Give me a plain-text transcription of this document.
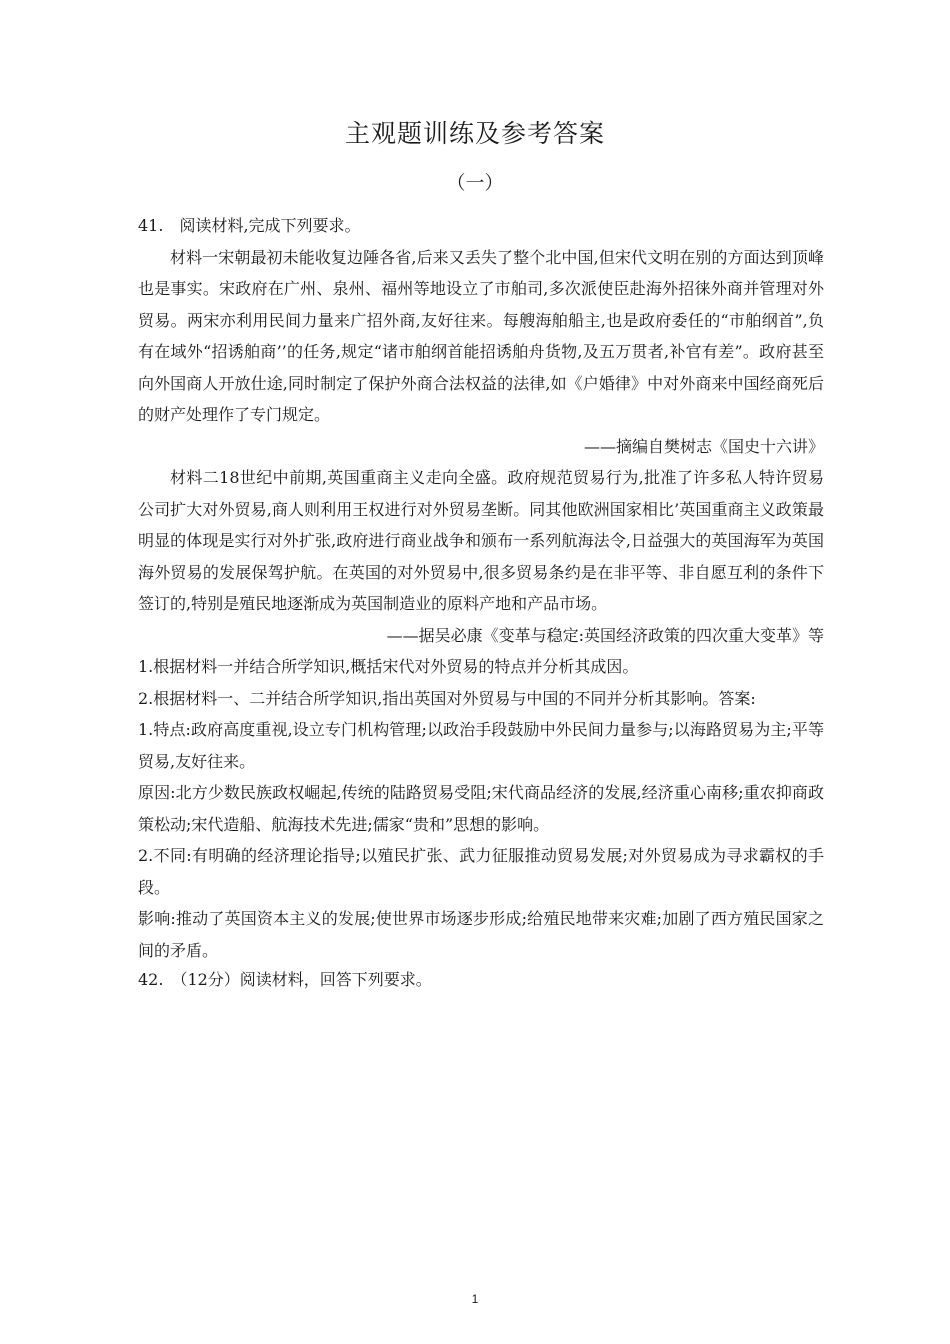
主观题训练及参考答案
（一）

41.　阅读材料,完成下列要求。

材料一宋朝最初未能收复边陲各省,后来又丢失了整个北中国,但宋代文明在别的方面达到顶峰也是事实。宋政府在广州、泉州、福州等地设立了市舶司,多次派使臣赴海外招徕外商并管理对外贸易。两宋亦利用民间力量来广招外商,友好往来。每艘海舶船主,也是政府委任的“市舶纲首”,负有在域外“招诱舶商’’的任务,规定“诸市舶纲首能招诱舶舟货物,及五万贯者,补官有差”。政府甚至向外国商人开放仕途,同时制定了保护外商合法权益的法律,如《户婚律》中对外商来中国经商死后的财产处理作了专门规定。

——摘编自樊树志《国史十六讲》

材料二18世纪中前期,英国重商主义走向全盛。政府规范贸易行为,批准了许多私人特许贸易公司扩大对外贸易,商人则利用王权进行对外贸易垄断。同其他欧洲国家相比’英国重商主义政策最明显的体现是实行对外扩张,政府进行商业战争和颁布一系列航海法令,日益强大的英国海军为英国海外贸易的发展保驾护航。在英国的对外贸易中,很多贸易条约是在非平等、非自愿互利的条件下签订的,特别是殖民地逐渐成为英国制造业的原料产地和产品市场。

——据吴必康《变革与稳定:英国经济政策的四次重大变革》等

1.根据材料一并结合所学知识,概括宋代对外贸易的特点并分析其成因。

2.根据材料一、二并结合所学知识,指出英国对外贸易与中国的不同并分析其影响。答案:

1.特点:政府高度重视,设立专门机构管理;以政治手段鼓励中外民间力量参与;以海路贸易为主;平等贸易,友好往来。

原因:北方少数民族政权崛起,传统的陆路贸易受阻;宋代商品经济的发展,经济重心南移;重农抑商政策松动;宋代造船、航海技术先进;儒家“贵和”思想的影响。

2.不同:有明确的经济理论指导;以殖民扩张、武力征服推动贸易发展;对外贸易成为寻求霸权的手段。

影响:推动了英国资本主义的发展;使世界市场逐步形成;给殖民地带来灾难;加剧了西方殖民国家之间的矛盾。

42.　（12分）阅读材料，回答下列要求。

1
